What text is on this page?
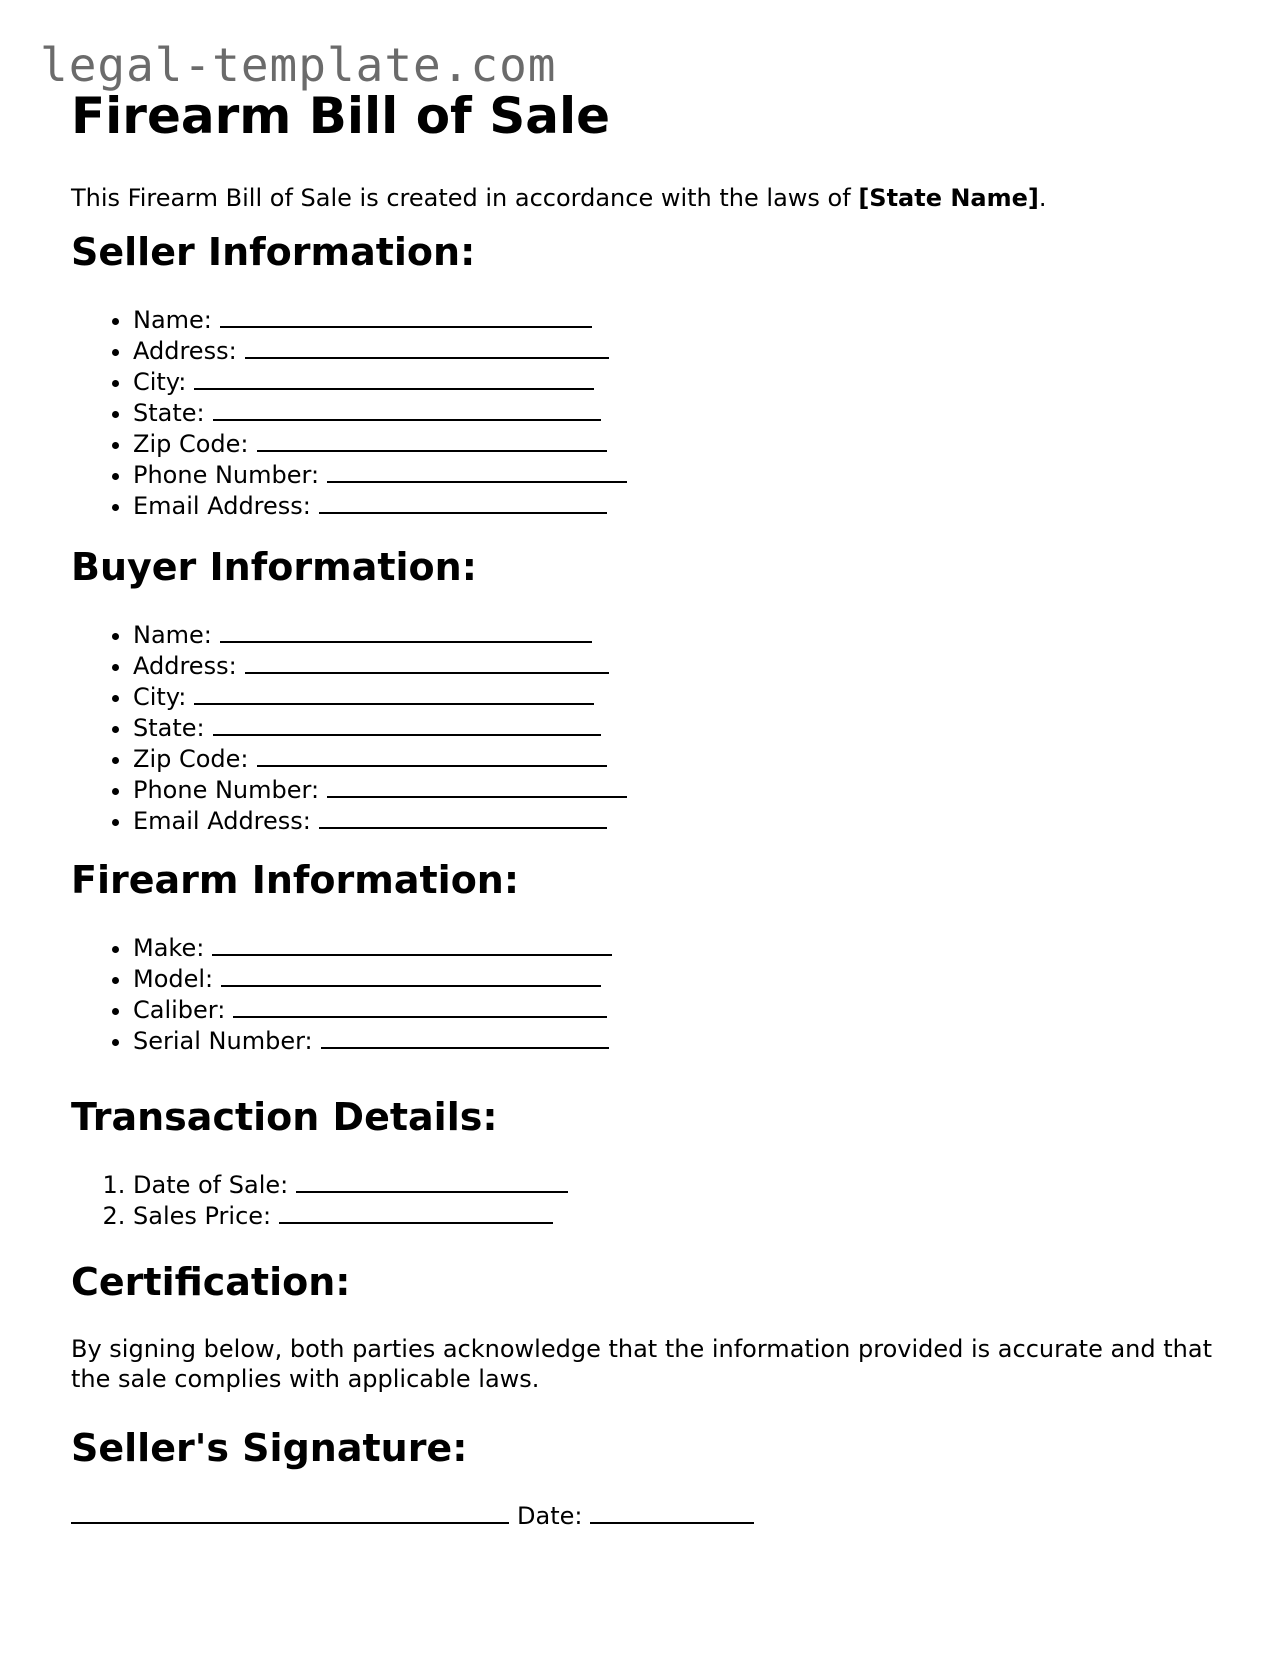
legal-template.com
Firearm Bill of Sale
This Firearm Bill of Sale is created in accordance with the laws of [State Name].
Seller Information:
• Name:
• Address:
• City:
• State:
• Zip Code:
• Phone Number:
• Email Address:
Buyer Information:
• Name:
• Address:
• City:
• State:
• Zip Code:
• Phone Number:
• Email Address:
Firearm Information:
• Make:
• Model:
• Caliber:
• Serial Number:
Transaction Details:
1. Date of Sale:
2. Sales Price:
Certification:
By signing below, both parties acknowledge that the information provided is accurate and that the sale complies with applicable laws.
Seller's Signature:
Date:
